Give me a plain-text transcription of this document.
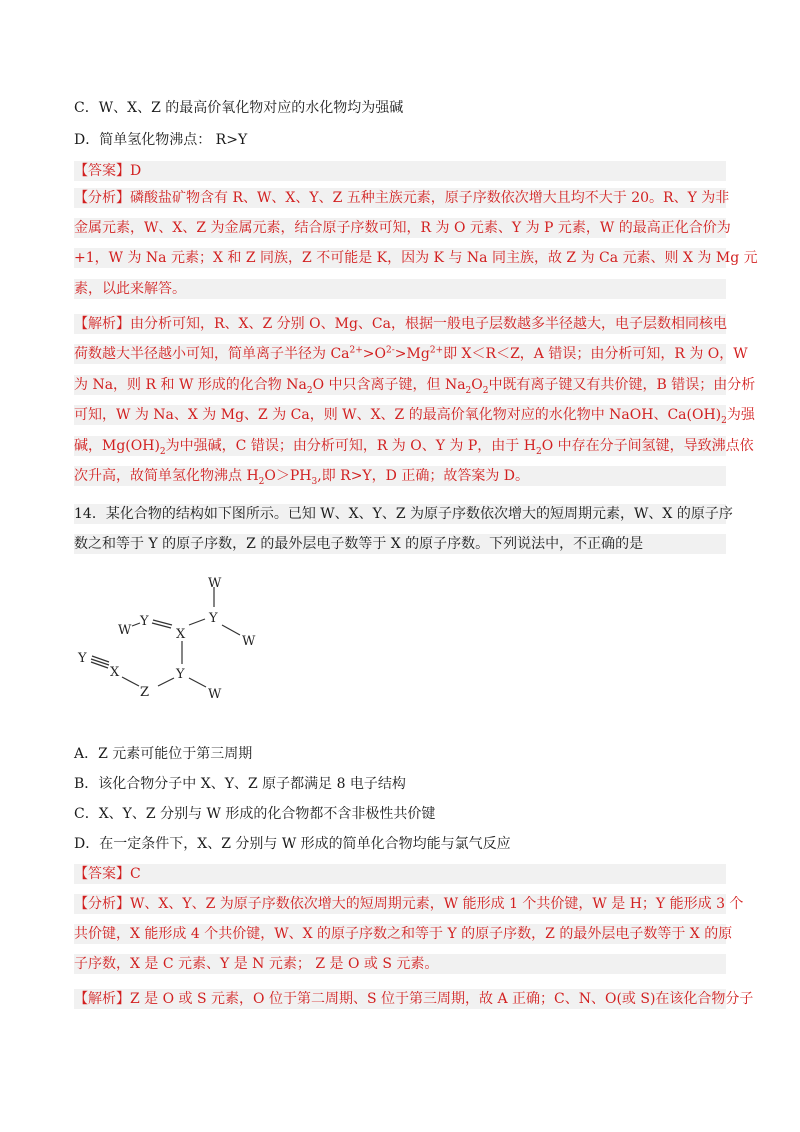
C．W、X、Z 的最高价氧化物对应的水化物均为强碱
D．简单氢化物沸点： R>Y
【答案】D
【分析】磷酸盐矿物含有 R、W、X、Y、Z 五种主族元素，原子序数依次增大且均不大于 20。R、Y 为非
金属元素，W、X、Z 为金属元素，结合原子序数可知，R 为 O 元素、Y 为 P 元素，W 的最高正化合价为
+1，W 为 Na 元素；X 和 Z 同族，Z 不可能是 K，因为 K 与 Na 同主族，故 Z 为 Ca 元素、则 X 为 Mg 元
素，以此来解答。
【解析】由分析可知，R、X、Z 分别 O、Mg、Ca，根据一般电子层数越多半径越大，电子层数相同核电
荷数越大半径越小可知，简单离子半径为 $Ca^{2+}>O^{2-}>Mg^{2+}$即 X＜R＜Z，A 错误；由分析可知，R 为 O，W
为 Na，则 R 和 W 形成的化合物 $Na_2O$ 中只含离子键，但 $Na_2O_2$中既有离子键又有共价键，B 错误；由分析
可知，W 为 Na、X 为 Mg、Z 为 Ca，则 W、X、Z 的最高价氧化物对应的水化物中 NaOH、$Ca(OH)_2$为强
碱，$Mg(OH)_2$为中强碱，C 错误；由分析可知，R 为 O、Y 为 P，由于 $H_2O$ 中存在分子间氢键，导致沸点依
次升高，故简单氢化物沸点 $H_2O>PH_3$,即 R>Y，D 正确；故答案为 D。
14．某化合物的结构如下图所示。已知 W、X、Y、Z 为原子序数依次增大的短周期元素，W、X 的原子序
数之和等于 Y 的原子序数，Z 的最外层电子数等于 X 的原子序数。下列说法中，不正确的是
W
Y
W
W
Y
X
Y
W
Z
X
Y
A．Z 元素可能位于第三周期
B．该化合物分子中 X、Y、Z 原子都满足 8 电子结构
C．X、Y、Z 分别与 W 形成的化合物都不含非极性共价键
D．在一定条件下，X、Z 分别与 W 形成的简单化合物均能与氯气反应
【答案】C
【分析】W、X、Y、Z 为原子序数依次增大的短周期元素，W 能形成 1 个共价键，W 是 H；Y 能形成 3 个
共价键，X 能形成 4 个共价键，W、X 的原子序数之和等于 Y 的原子序数，Z 的最外层电子数等于 X 的原
子序数，X 是 C 元素、Y 是 N 元素； Z 是 O 或 S 元素。
【解析】Z 是 O 或 S 元素，O 位于第二周期、S 位于第三周期，故 A 正确；C、N、O(或 S)在该化合物分子
